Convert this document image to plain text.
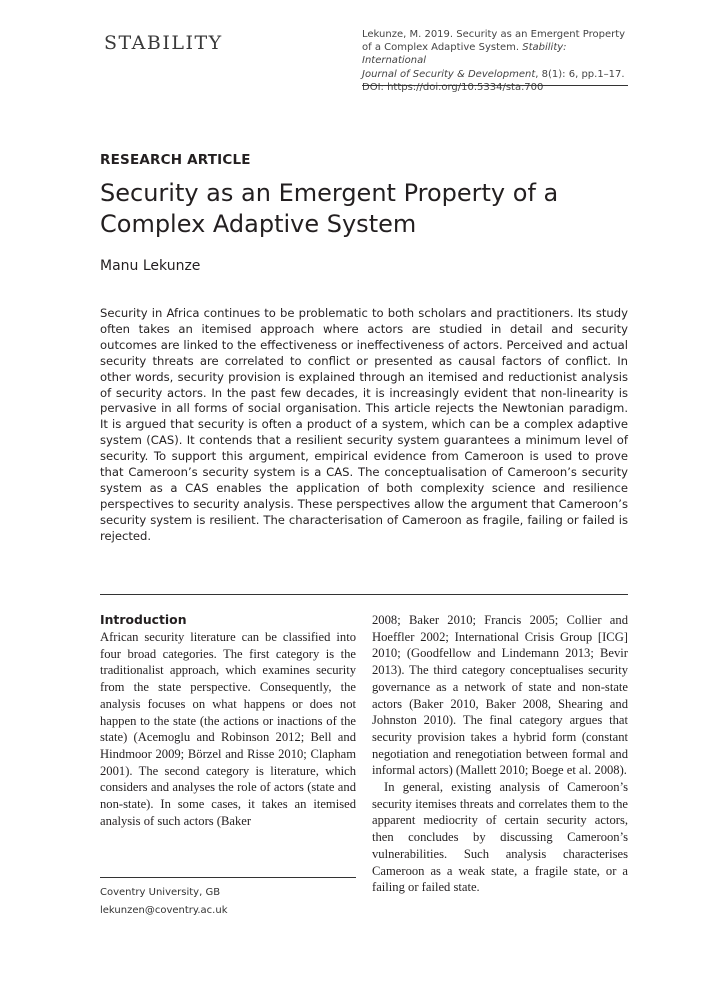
STABILITY	Lekunze, M. 2019. Security as an Emergent Property
of a Complex Adaptive System. Stability: International
Journal of Security & Development, 8(1): 6, pp.1–17.
DOI: https://doi.org/10.5334/sta.700
RESEARCH ARTICLE
Security as an Emergent Property of a Complex Adaptive System
Manu Lekunze

Security in Africa continues to be problematic to both scholars and practitioners. Its study often takes an itemised approach where actors are studied in detail and security outcomes are linked to the effectiveness or ineffectiveness of actors. Perceived and actual security threats are correlated to conflict or presented as causal factors of conflict. In other words, security provision is explained through an itemised and reductionist analysis of security actors. In the past few decades, it is increasingly evident that non-linearity is pervasive in all forms of social organisation. This article rejects the Newtonian paradigm. It is argued that security is often a product of a system, which can be a complex adaptive system (CAS). It contends that a resilient security system guarantees a minimum level of security. To support this argument, empirical evidence from Cameroon is used to prove that Cameroon’s security system is a CAS. The conceptualisation of Cameroon’s security system as a CAS enables the application of both complexity science and resilience perspectives to security analysis. These perspectives allow the argument that Cameroon’s security system is resilient. The characterisation of Cameroon as fragile, failing or failed is rejected.

Introduction

African security literature can be classified into four broad categories. The first category is the traditionalist approach, which examines security from the state perspective. Consequently, the analysis focuses on what happens or does not happen to the state (the actions or inactions of the state) (Acemoglu and Robinson 2012; Bell and Hindmoor 2009; Börzel and Risse 2010; Clapham 2001). The second category is literature, which considers and analyses the role of actors (state and non-state). In some cases, it takes an itemised analysis of such actors (Baker

2008; Baker 2010; Francis 2005; Collier and Hoeffler 2002; International Crisis Group [ICG] 2010; (Goodfellow and Lindemann 2013; Bevir 2013). The third category conceptualises security governance as a network of state and non-state actors (Baker 2010, Baker 2008, Shearing and Johnston 2010). The final category argues that security provision takes a hybrid form (constant negotiation and renegotiation between formal and informal actors) (Mallett 2010; Boege et al. 2008).

In general, existing analysis of Cameroon’s security itemises threats and correlates them to the apparent mediocrity of certain security actors, then concludes by discussing Cameroon’s vulnerabilities. Such analysis characterises Cameroon as a weak state, a fragile state, or a failing or failed state.

Coventry University, GB
lekunzen@coventry.ac.uk
